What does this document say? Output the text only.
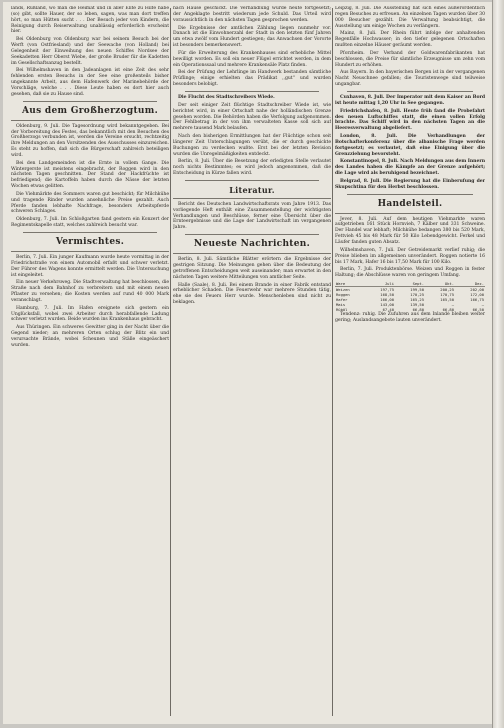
lands, Rußland, wo man die Heimat und in aller Elite zu Hilfe habe (so) gibt, sollte Hauer, der so leben, sagen, was man dort treffen hört, so man Hütten sucht . . . Der Besuch jeder von Kindern, die Reinigung durch Reiserwaltung unablässig erforderlich erscheint hier.

Bei Oldenburg von Oldenburg war bei seinem Besuch bei der Werft (von Ostfriesland) und der Seewache (von Holland) bei Gelegenheit der Einweihung des neuen Schiffes Nordsee der Seekadetten Herr Oberst Wiebe, der große Bruder für die Kadetten im Gesellschaftsanzug bestellt.

Bei Wilhelmshaven in den Jadeanlagen ist eine Zeit des sehr fehlenden ersten Besuchs in der See eine großenteils bisher ungekannte Arbeit, aus dem Hafenwerk der Marinebehörde der Vorschläge, welche . . . Diese Leute haben es dort hier auch gesehen, daß sie zu Hause sind.

Aus dem Großherzogtum.

Oldenburg, 9. Juli. Die Tagesordnung wird bekanntgegeben. Bei der Vorbereitung des Festes, das bekanntlich mit den Besuchen des Großherzogs verbunden ist, werden die Vereine ersucht, rechtzeitig ihre Meldungen an den Vorsitzenden des Ausschusses einzureichen. Es steht zu hoffen, daß sich die Bürgerschaft zahlreich beteiligen wird.

Bei den Landgemeinden ist die Ernte in vollem Gange. Die Wintergerste ist meistens eingebracht, der Roggen wird in den nächsten Tagen geschnitten. Der Stand der Hackfrüchte ist befriedigend; die Kartoffeln haben durch die Nässe der letzten Wochen etwas gelitten.

Die Viehmärkte des Sommers waren gut beschickt; für Milchkühe und tragende Rinder wurden ansehnliche Preise gezahlt. Auch Pferde fanden lebhafte Nachfrage, besonders Arbeitspferde schweren Schlages.

Oldenburg, 7. Juli. Im Schloßgarten fand gestern ein Konzert der Regimentskapelle statt, welches zahlreich besucht war.

Vermischtes.

Berlin, 7. Juli. Ein junger Kaufmann wurde heute vormittag in der Friedrichstraße von einem Automobil erfaßt und schwer verletzt. Der Führer des Wagens konnte ermittelt werden. Die Untersuchung ist eingeleitet.

Ein neuer Verkehrsweg. Die Stadtverwaltung hat beschlossen, die Straße nach dem Bahnhof zu verbreitern und mit einem neuen Pflaster zu versehen; die Kosten werden auf rund 40 000 Mark veranschlagt.

Hamburg, 7. Juli. Im Hafen ereignete sich gestern ein Unglücksfall, wobei zwei Arbeiter durch herabfallende Ladung schwer verletzt wurden. Beide wurden ins Krankenhaus gebracht.

Aus Thüringen. Ein schweres Gewitter ging in der Nacht über die Gegend nieder; an mehreren Orten schlug der Blitz ein und verursachte Brände, wobei Scheunen und Ställe eingeäschert wurden.

nach Hause geschickt. Die Verhandlung wurde heute fortgesetzt; der Angeklagte bestritt wiederum jede Schuld. Das Urteil wird voraussichtlich in den nächsten Tagen gesprochen werden.

Die Ergebnisse der amtlichen Zählung liegen nunmehr vor. Danach ist die Einwohnerzahl der Stadt in den letzten fünf Jahren um etwa zwölf vom Hundert gestiegen; das Anwachsen der Vororte ist besonders bemerkenswert.

Für die Erweiterung des Krankenhauses sind erhebliche Mittel bewilligt worden. Es soll ein neuer Flügel errichtet werden, in dem ein Operationssaal und mehrere Krankensäle Platz finden.

Bei der Prüfung der Lehrlinge im Handwerk bestanden sämtliche Prüflinge; einige erhielten das Prädikat ,,gut'' und wurden besonders belobigt.

Die Flucht des Stadtschreibers Wiede.

Der seit einiger Zeit flüchtige Stadtschreiber Wiede ist, wie berichtet wird, in einer Ortschaft nahe der holländischen Grenze gesehen worden. Die Behörden haben die Verfolgung aufgenommen. Der Fehlbetrag in der von ihm verwalteten Kasse soll sich auf mehrere tausend Mark belaufen.

Nach den bisherigen Ermittlungen hat der Flüchtige schon seit längerer Zeit Unterschlagungen verübt, die er durch geschickte Buchungen zu verdecken wußte. Erst bei der letzten Revision wurden die Unregelmäßigkeiten entdeckt.

Berlin, 8. Juli. Über die Besetzung der erledigten Stelle verlautet noch nichts Bestimmtes; es wird jedoch angenommen, daß die Entscheidung in Kürze fallen wird.

Literatur.

Bericht des Deutschen Landwirtschaftsrats vom Jahre 1913. Das vorliegende Heft enthält eine Zusammenstellung der wichtigsten Verhandlungen und Beschlüsse, ferner eine Übersicht über die Ernteergebnisse und die Lage der Landwirtschaft im vergangenen Jahre.

Neueste Nachrichten.

Berlin, 8. Juli. Sämtliche Blätter erörtern die Ergebnisse der gestrigen Sitzung. Die Meinungen gehen über die Bedeutung der getroffenen Entscheidungen weit auseinander; man erwartet in den nächsten Tagen weitere Mitteilungen von amtlicher Seite.

Halle (Saale), 8. Juli. Bei einem Brande in einer Fabrik entstand erheblicher Schaden. Die Feuerwehr war mehrere Stunden tätig, ehe sie des Feuers Herr wurde. Menschenleben sind nicht zu beklagen.

Leipzig, 8. Juli. Die Ausstellung hat sich eines außerordentlich regen Besuches zu erfreuen. An einzelnen Tagen wurden über 30 000 Besucher gezählt. Die Verwaltung beabsichtigt, die Ausstellung um einige Wochen zu verlängern.

Mainz, 8. Juli. Der Rhein führt infolge der anhaltenden Regenfälle Hochwasser; in den tiefer gelegenen Ortschaften mußten einzelne Häuser geräumt werden.

Pforzheim. Der Verband der Goldwarenfabrikanten hat beschlossen, die Preise für sämtliche Erzeugnisse um zehn vom Hundert zu erhöhen.

Aus Bayern. In den bayerischen Bergen ist in der vergangenen Nacht Neuschnee gefallen; die Touristenwege sind teilweise ungangbar.

Cuxhaven, 8. Juli. Der Imperator mit dem Kaiser an Bord ist heute mittag 1,20 Uhr in See gegangen.

Friedrichshafen, 8. Juli. Heute früh fand die Probefahrt des neuen Luftschiffes statt, die einen vollen Erfolg brachte. Das Schiff wird in den nächsten Tagen an die Heeresverwaltung abgeliefert.

London, 8. Juli. Die Verhandlungen der Botschafterkonferenz über die albanische Frage werden fortgesetzt; es verlautet, daß eine Einigung über die Grenzziehung bevorsteht.

Konstantinopel, 8. Juli. Nach Meldungen aus dem Innern des Landes haben die Kämpfe an der Grenze aufgehört; die Lage wird als beruhigend bezeichnet.

Belgrad, 8. Juli. Die Regierung hat die Einberufung der Skupschtina für den Herbst beschlossen.

Handelsteil.

Jever, 8. Juli. Auf dem heutigen Viehmarkte waren aufgetrieben 161 Stück Hornvieh, 7 Kälber und 331 Schweine. Der Handel war lebhaft; Milchkühe bedangen 380 bis 520 Mark, Fettvieh 45 bis 48 Mark für 50 Kilo Lebendgewicht. Ferkel und Läufer fanden guten Absatz.

Wilhelmshaven, 7. Juli. Der Getreidemarkt verlief ruhig; die Preise blieben im allgemeinen unverändert. Roggen notierte 16 bis 17 Mark, Hafer 16 bis 17,50 Mark für 100 Kilo.

Berlin, 7. Juli. Produktenbörse. Weizen und Roggen in fester Haltung; die Abschlüsse waren von geringem Umfang.

Ware	Juli	Sept.	Okt.	Dez.
Weizen	197,75	199,50	200,25	202,00
Roggen	168,50	170,25	170,75	172,00
Hafer	166,00	165,25	165,50	166,75
Mais	143,00	139,50	—	—
Rüböl	67,40	66,80	66,80	66,50

Tendenz: ruhig. Die Zufuhren aus dem Inlande bleiben weiter gering; Auslandsangebote lauten unverändert.
